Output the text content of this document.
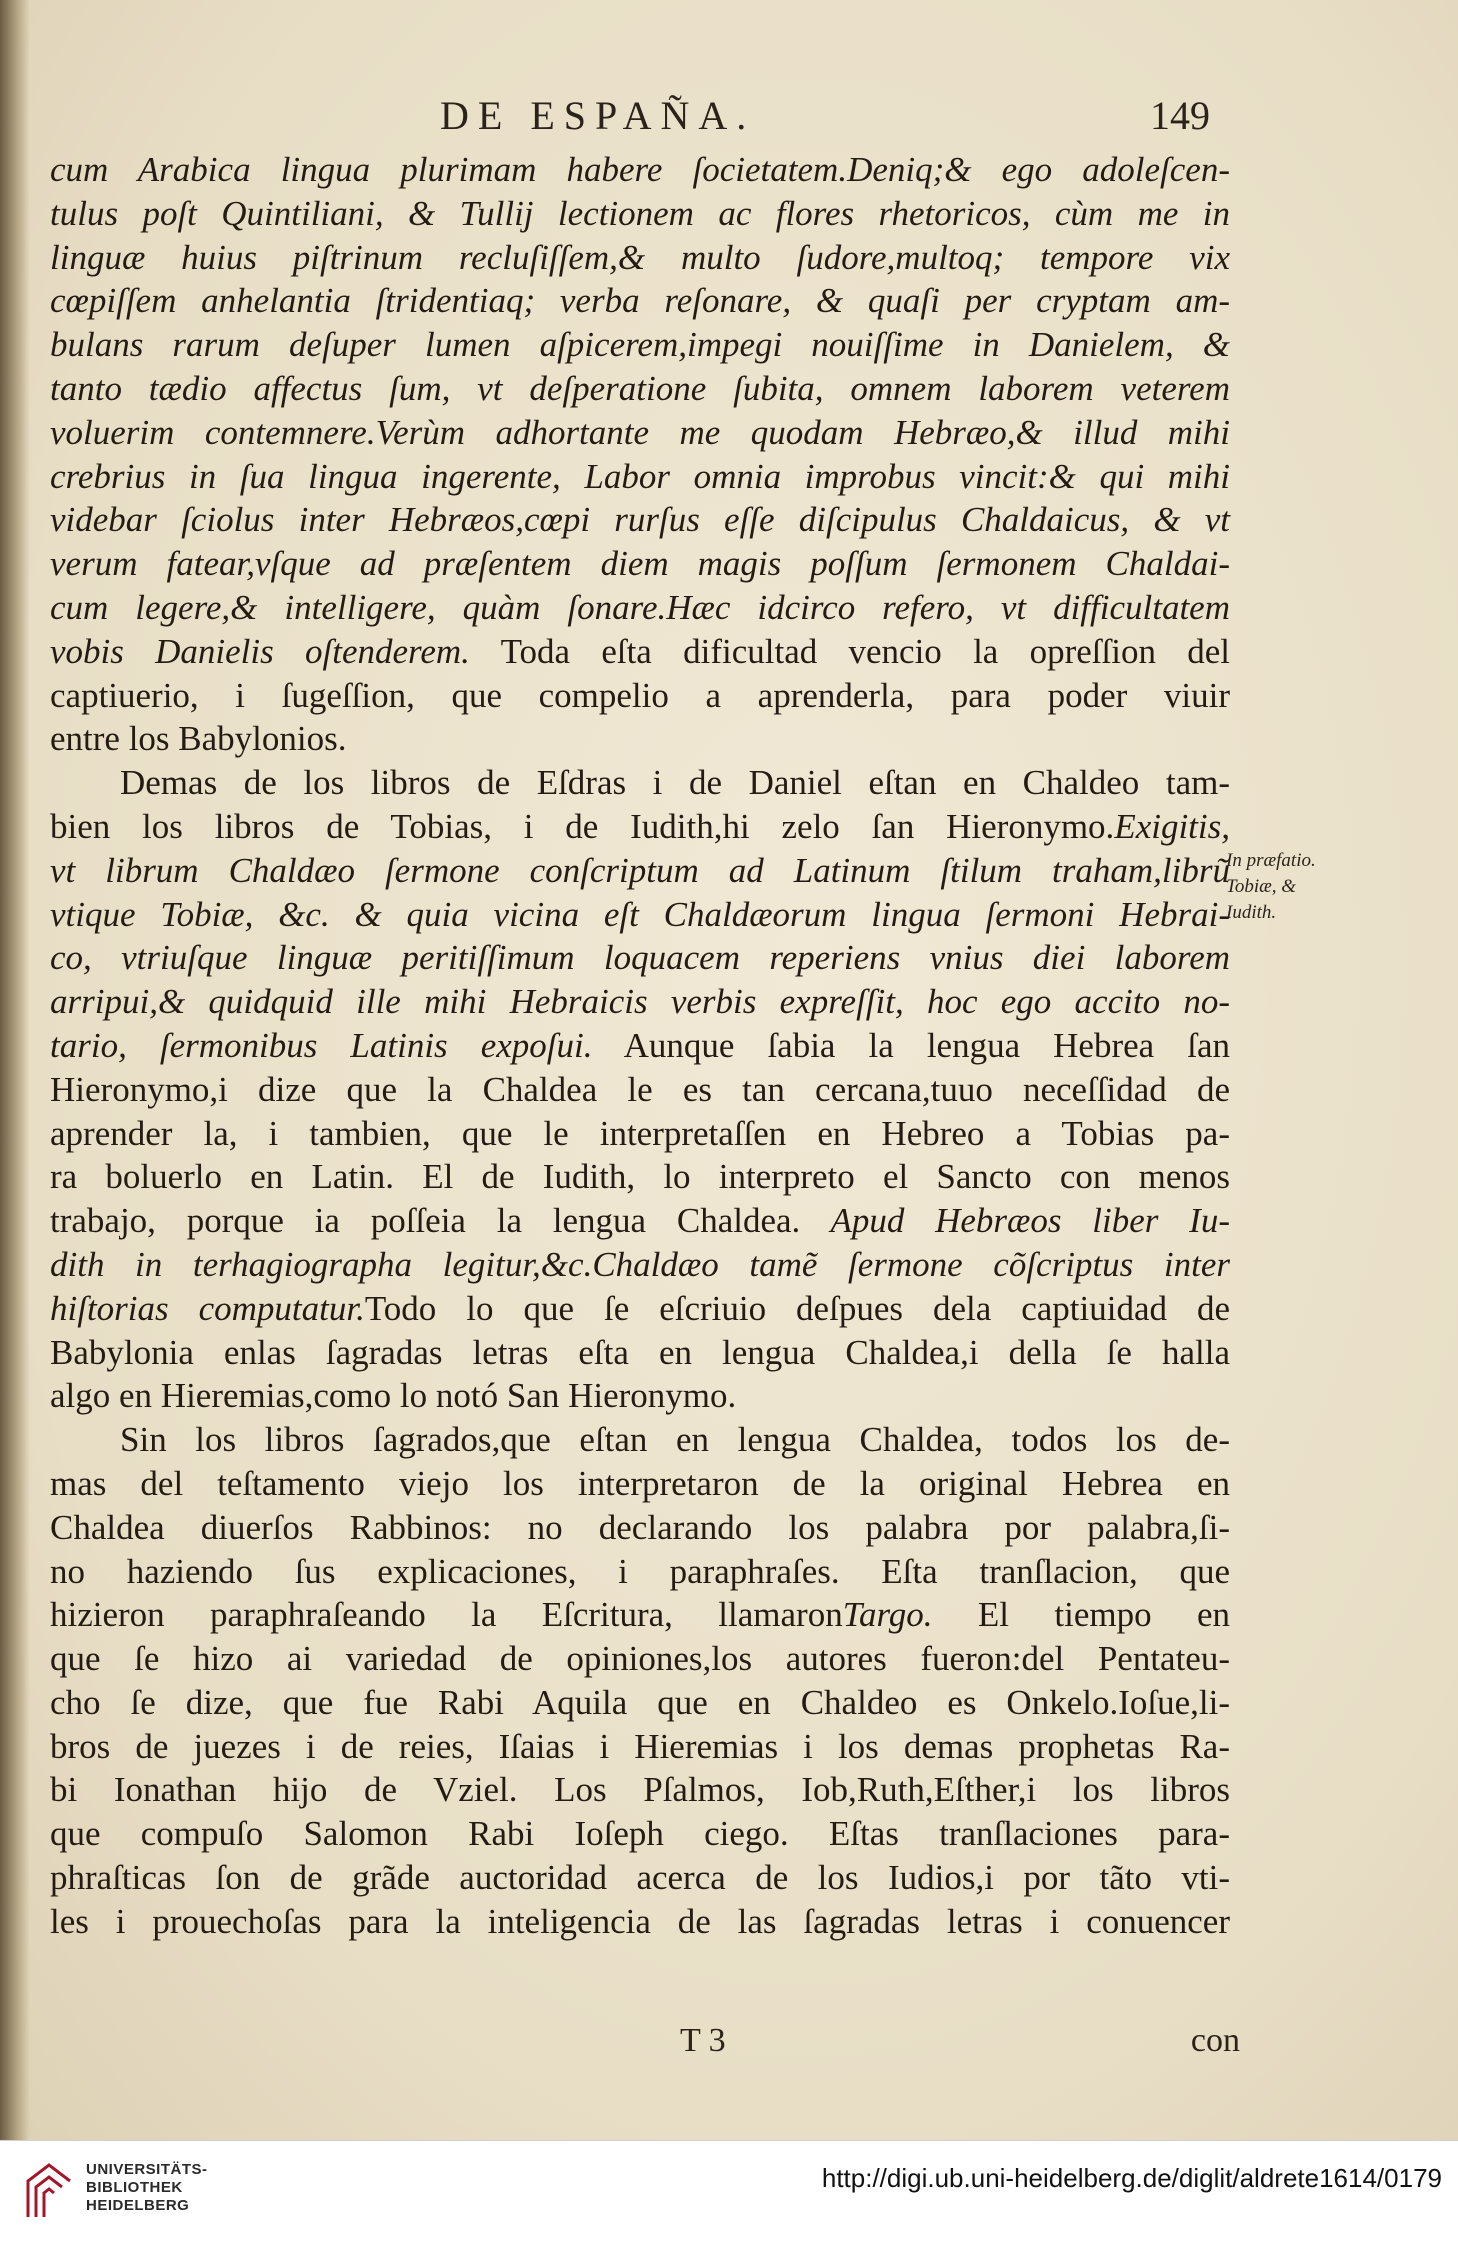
DE ESPAÑA.	149
cum Arabica lingua plurimam habere ſocietatem.Deniq;& ego adoleſcen-
tulus poſt Quintiliani, & Tullij lectionem ac flores rhetoricos, cùm me in
linguæ huius piſtrinum recluſiſſem,& multo ſudore,multoq; tempore vix
cœpiſſem anhelantia ſtridentiaq; verba reſonare, & quaſi per cryptam am-
bulans rarum deſuper lumen aſpicerem,impegi nouiſſime in Danielem, &
tanto tædio affectus ſum, vt deſperatione ſubita, omnem laborem veterem
voluerim contemnere.Verùm adhortante me quodam Hebræo,& illud mihi
crebrius in ſua lingua ingerente, Labor omnia improbus vincit:& qui mihi
videbar ſciolus inter Hebræos,cœpi rurſus eſſe diſcipulus Chaldaicus, & vt
verum fatear,vſque ad præſentem diem magis poſſum ſermonem Chaldai-
cum legere,& intelligere, quàm ſonare.Hæc idcirco refero, vt difficultatem
vobis Danielis oſtenderem. Toda eſta dificultad vencio la opreſſion del
captiuerio, i ſugeſſion, que compelio a aprenderla, para poder viuir
entre los Babylonios.
Demas de los libros de Eſdras i de Daniel eſtan en Chaldeo tam-
bien los libros de Tobias, i de Iudith,hi zelo ſan Hieronymo.Exigitis,
vt librum Chaldæo ſermone conſcriptum ad Latinum ſtilum traham,librũ
vtique Tobiæ, &c. & quia vicina eſt Chaldæorum lingua ſermoni Hebrai-
co, vtriuſque linguæ peritiſſimum loquacem reperiens vnius diei laborem
arripui,& quidquid ille mihi Hebraicis verbis expreſſit, hoc ego accito no-
tario, ſermonibus Latinis expoſui. Aunque ſabia la lengua Hebrea ſan
Hieronymo,i dize que la Chaldea le es tan cercana,tuuo neceſſidad de
aprender la, i tambien, que le interpretaſſen en Hebreo a Tobias pa-
ra boluerlo en Latin. El de Iudith, lo interpreto el Sancto con menos
trabajo, porque ia poſſeia la lengua Chaldea. Apud Hebræos liber Iu-
dith in terhagiographa legitur,&c.Chaldæo tamẽ ſermone cõſcriptus inter
hiſtorias computatur.Todo lo que ſe eſcriuio deſpues dela captiuidad de
Babylonia enlas ſagradas letras eſta en lengua Chaldea,i della ſe halla
algo en Hieremias,como lo notó San Hieronymo.
Sin los libros ſagrados,que eſtan en lengua Chaldea, todos los de-
mas del teſtamento viejo los interpretaron de la original Hebrea en
Chaldea diuerſos Rabbinos: no declarando los palabra por palabra,ſi-
no haziendo ſus explicaciones, i paraphraſes. Eſta tranſlacion, que
hizieron paraphraſeando la Eſcritura, llamaronTargo. El tiempo en
que ſe hizo ai variedad de opiniones,los autores fueron:del Pentateu-
cho ſe dize, que fue Rabi Aquila que en Chaldeo es Onkelo.Ioſue,li-
bros de juezes i de reies, Iſaias i Hieremias i los demas prophetas Ra-
bi Ionathan hijo de Vziel. Los Pſalmos, Iob,Ruth,Eſther,i los libros
que compuſo Salomon Rabi Ioſeph ciego. Eſtas tranſlaciones para-
phraſticas ſon de grãde auctoridad acerca de los Iudios,i por tãto vti-
les i prouechoſas para la inteligencia de las ſagradas letras i conuencer
In præfatio.
Tobiæ, &
Iudith.
T 3	con
UNIVERSITÄTS-
BIBLIOTHEK
HEIDELBERG
http://digi.ub.uni-heidelberg.de/diglit/aldrete1614/0179
